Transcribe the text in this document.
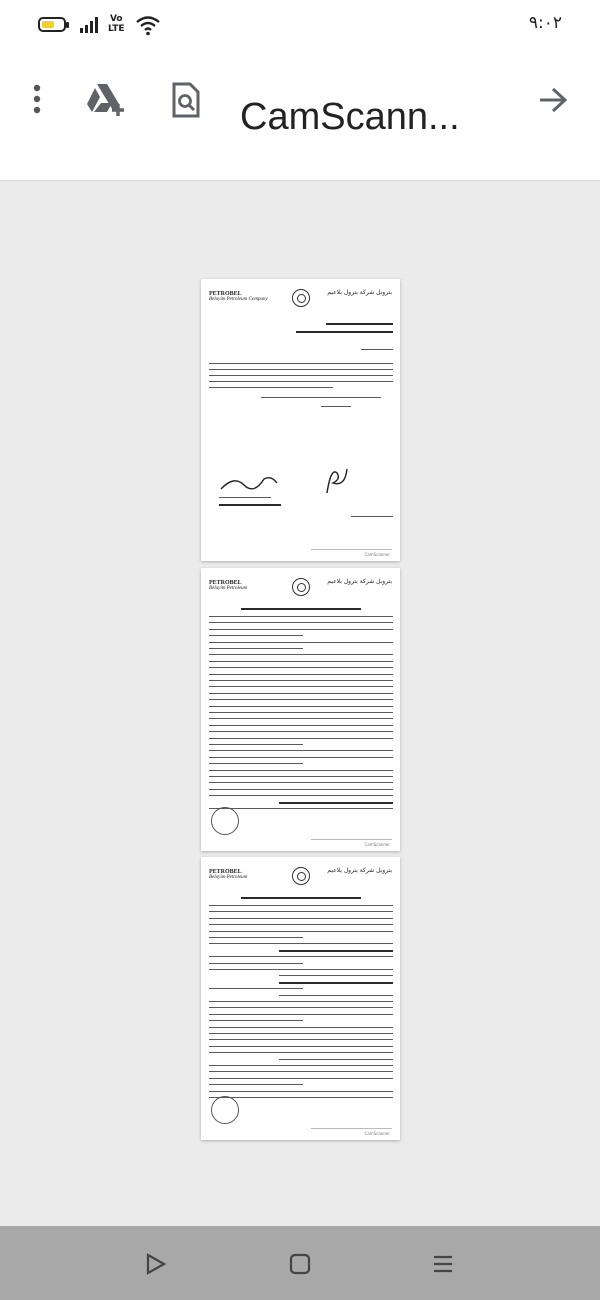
Vo
LTE	٩:٠٢
CamScann...
PETROBEL
Belayim Petroleum Company
بتروبل شركة بترول بلاعيم
CamScanner
PETROBEL
Belayim Petroleum
بتروبل شركة بترول بلاعيم
CamScanner
PETROBEL
Belayim Petroleum
بتروبل شركة بترول بلاعيم
CamScanner
